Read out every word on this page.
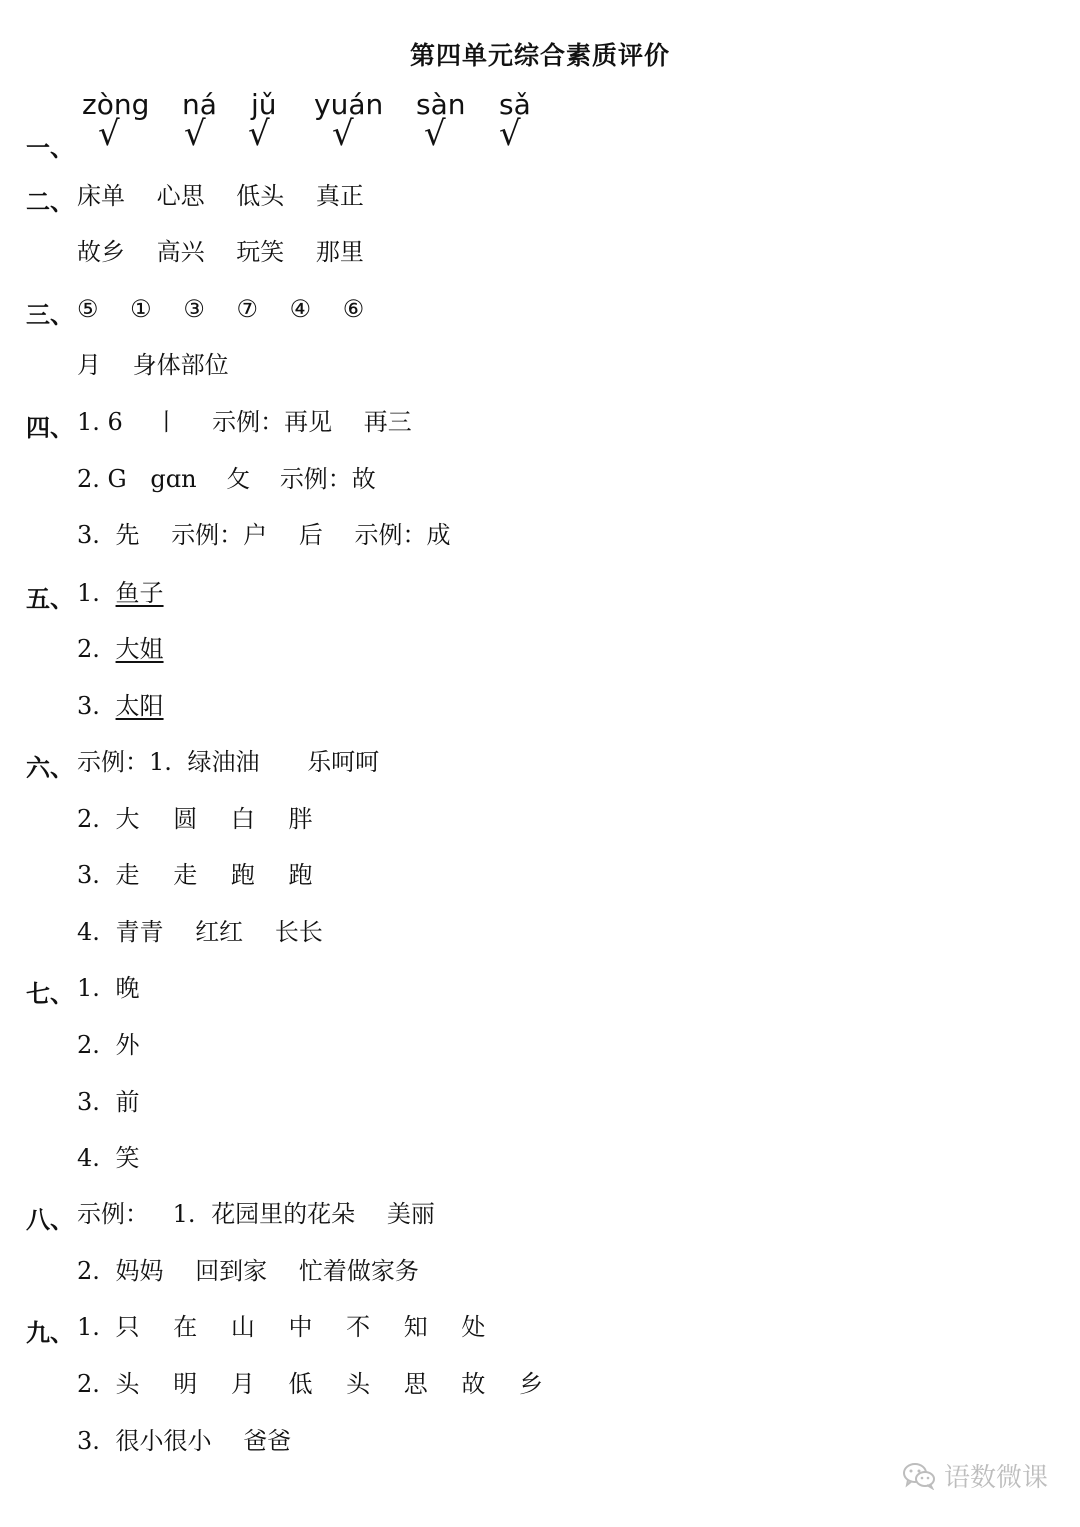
第四单元综合素质评价
zòng ná jǔ yuán sàn sǎ
一、 √ √ √ √ √ √
二、 床单 心思 低头 真正
故乡 高兴 玩笑 那里
三、 ⑤ ① ③ ⑦ ④ ⑥
月 身体部位
四、 1. 6 丨 示例：再见 再三
2. G gɑn 攵 示例：故
3. 先 示例：户 后 示例：成
五、 1. 鱼子
2. 大姐
3. 太阳
六、 示例：1. 绿油油 乐呵呵
2. 大 圆 白 胖
3. 走 走 跑 跑
4. 青青 红红 长长
七、 1. 晚
2. 外
3. 前
4. 笑
八、 示例： 1. 花园里的花朵 美丽
2. 妈妈 回到家 忙着做家务
九、 1. 只 在 山 中 不 知 处
2. 头 明 月 低 头 思 故 乡
3. 很小很小 爸爸
语数微课
